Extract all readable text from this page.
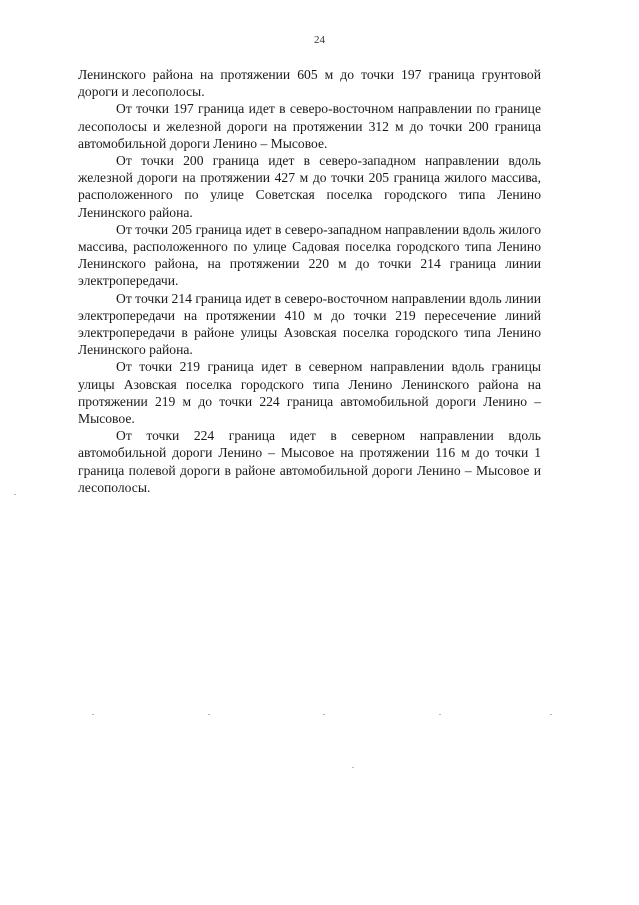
24

Ленинского района на протяжении 605 м до точки 197 граница грунтовой дороги и лесополосы.

От точки 197 граница идет в северо-восточном направлении по границе лесополосы и железной дороги на протяжении 312 м до точки 200 граница автомобильной дороги Ленино – Мысовое.

От точки 200 граница идет в северо-западном направлении вдоль железной дороги на протяжении 427 м до точки 205 граница жилого массива, расположенного по улице Советская поселка городского типа Ленино Ленинского района.

От точки 205 граница идет в северо-западном направлении вдоль жилого массива, расположенного по улице Садовая поселка городского типа Ленино Ленинского района, на протяжении 220 м до точки 214 граница линии электропередачи.

От точки 214 граница идет в северо-восточном направлении вдоль линии электропередачи на протяжении 410 м до точки 219 пересечение линий электропередачи в районе улицы Азовская поселка городского типа Ленино Ленинского района.

От точки 219 граница идет в северном направлении вдоль границы улицы Азовская поселка городского типа Ленино Ленинского района на протяжении 219 м до точки 224 граница автомобильной дороги Ленино – Мысовое.

От точки 224 граница идет в северном направлении вдоль автомобильной дороги Ленино – Мысовое на протяжении 116 м до точки 1 граница полевой дороги в районе автомобильной дороги Ленино – Мысовое и лесополосы.
